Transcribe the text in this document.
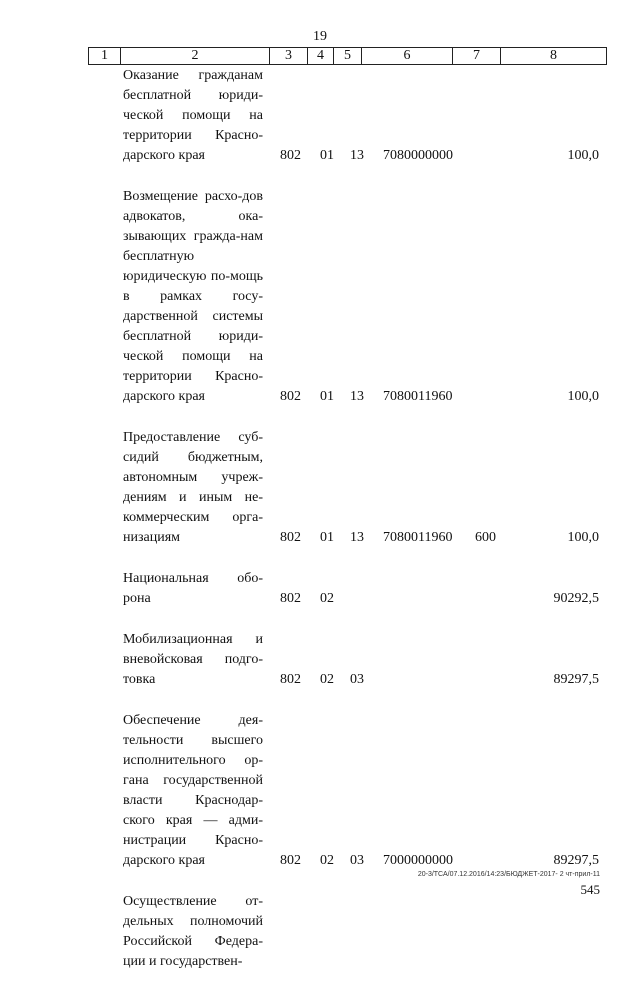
19
1	2	3	4	5	6	7	8
Оказание гражданам бесплатной юриди-ческой помощи на территории Красно-дарского края	802 01 13 7080000000	100,0
Возмещение расхо-дов адвокатов, ока-зывающих гражда-нам бесплатную юридическую по-мощь в рамках госу-дарственной системы бесплатной юриди-ческой помощи на территории Красно-дарского края	802 01 13 7080011960	100,0
Предоставление суб-сидий бюджетным, автономным учреж-дениям и иным не-коммерческим орга-низациям	802 01 13 7080011960 600	100,0
Национальная обо-рона	802 02	90292,5
Мобилизационная и вневойсковая подго-товка	802 02 03	89297,5
Обеспечение дея-тельности высшего исполнительного ор-гана государственной власти Краснодар-ского края — адми-нистрации Красно-дарского края	802 02 03 7000000000	89297,5
Осуществление от-дельных полномочий Российской Федера-ции и государствен-
20-3/ТСА/07.12.2016/14:23/БЮДЖЕТ-2017- 2 чт-прил-11
545
